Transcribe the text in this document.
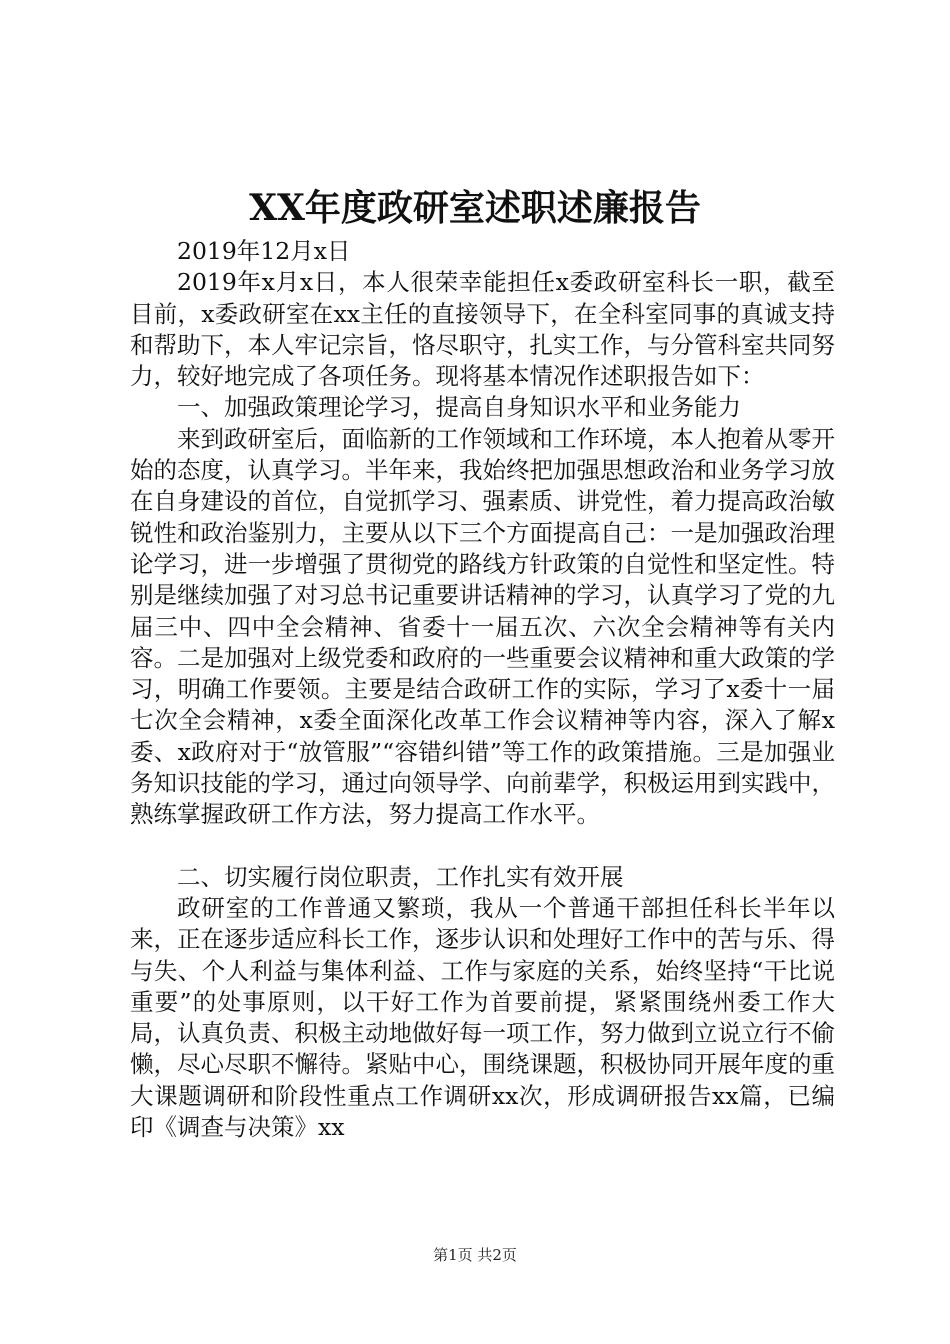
XX年度政研室述职述廉报告

2019年12月x日

2019年x月x日，本人很荣幸能担任x委政研室科长一职，截至目前，x委政研室在xx主任的直接领导下，在全科室同事的真诚支持和帮助下，本人牢记宗旨，恪尽职守，扎实工作，与分管科室共同努力，较好地完成了各项任务。现将基本情况作述职报告如下：

一、加强政策理论学习，提高自身知识水平和业务能力

来到政研室后，面临新的工作领域和工作环境，本人抱着从零开始的态度，认真学习。半年来，我始终把加强思想政治和业务学习放在自身建设的首位，自觉抓学习、强素质、讲党性，着力提高政治敏锐性和政治鉴别力，主要从以下三个方面提高自己：一是加强政治理论学习，进一步增强了贯彻党的路线方针政策的自觉性和坚定性。特别是继续加强了对习总书记重要讲话精神的学习，认真学习了党的九届三中、四中全会精神、省委十一届五次、六次全会精神等有关内容。二是加强对上级党委和政府的一些重要会议精神和重大政策的学习，明确工作要领。主要是结合政研工作的实际，学习了x委十一届七次全会精神，x委全面深化改革工作会议精神等内容，深入了解x委、x政府对于“放管服”“容错纠错”等工作的政策措施。三是加强业务知识技能的学习，通过向领导学、向前辈学，积极运用到实践中，熟练掌握政研工作方法，努力提高工作水平。

二、切实履行岗位职责，工作扎实有效开展

政研室的工作普通又繁琐，我从一个普通干部担任科长半年以来，正在逐步适应科长工作，逐步认识和处理好工作中的苦与乐、得与失、个人利益与集体利益、工作与家庭的关系，始终坚持“干比说重要”的处事原则，以干好工作为首要前提，紧紧围绕州委工作大局，认真负责、积极主动地做好每一项工作，努力做到立说立行不偷懒，尽心尽职不懈待。紧贴中心，围绕课题，积极协同开展年度的重大课题调研和阶段性重点工作调研xx次，形成调研报告xx篇，已编印《调查与决策》xx

第1页 共2页
